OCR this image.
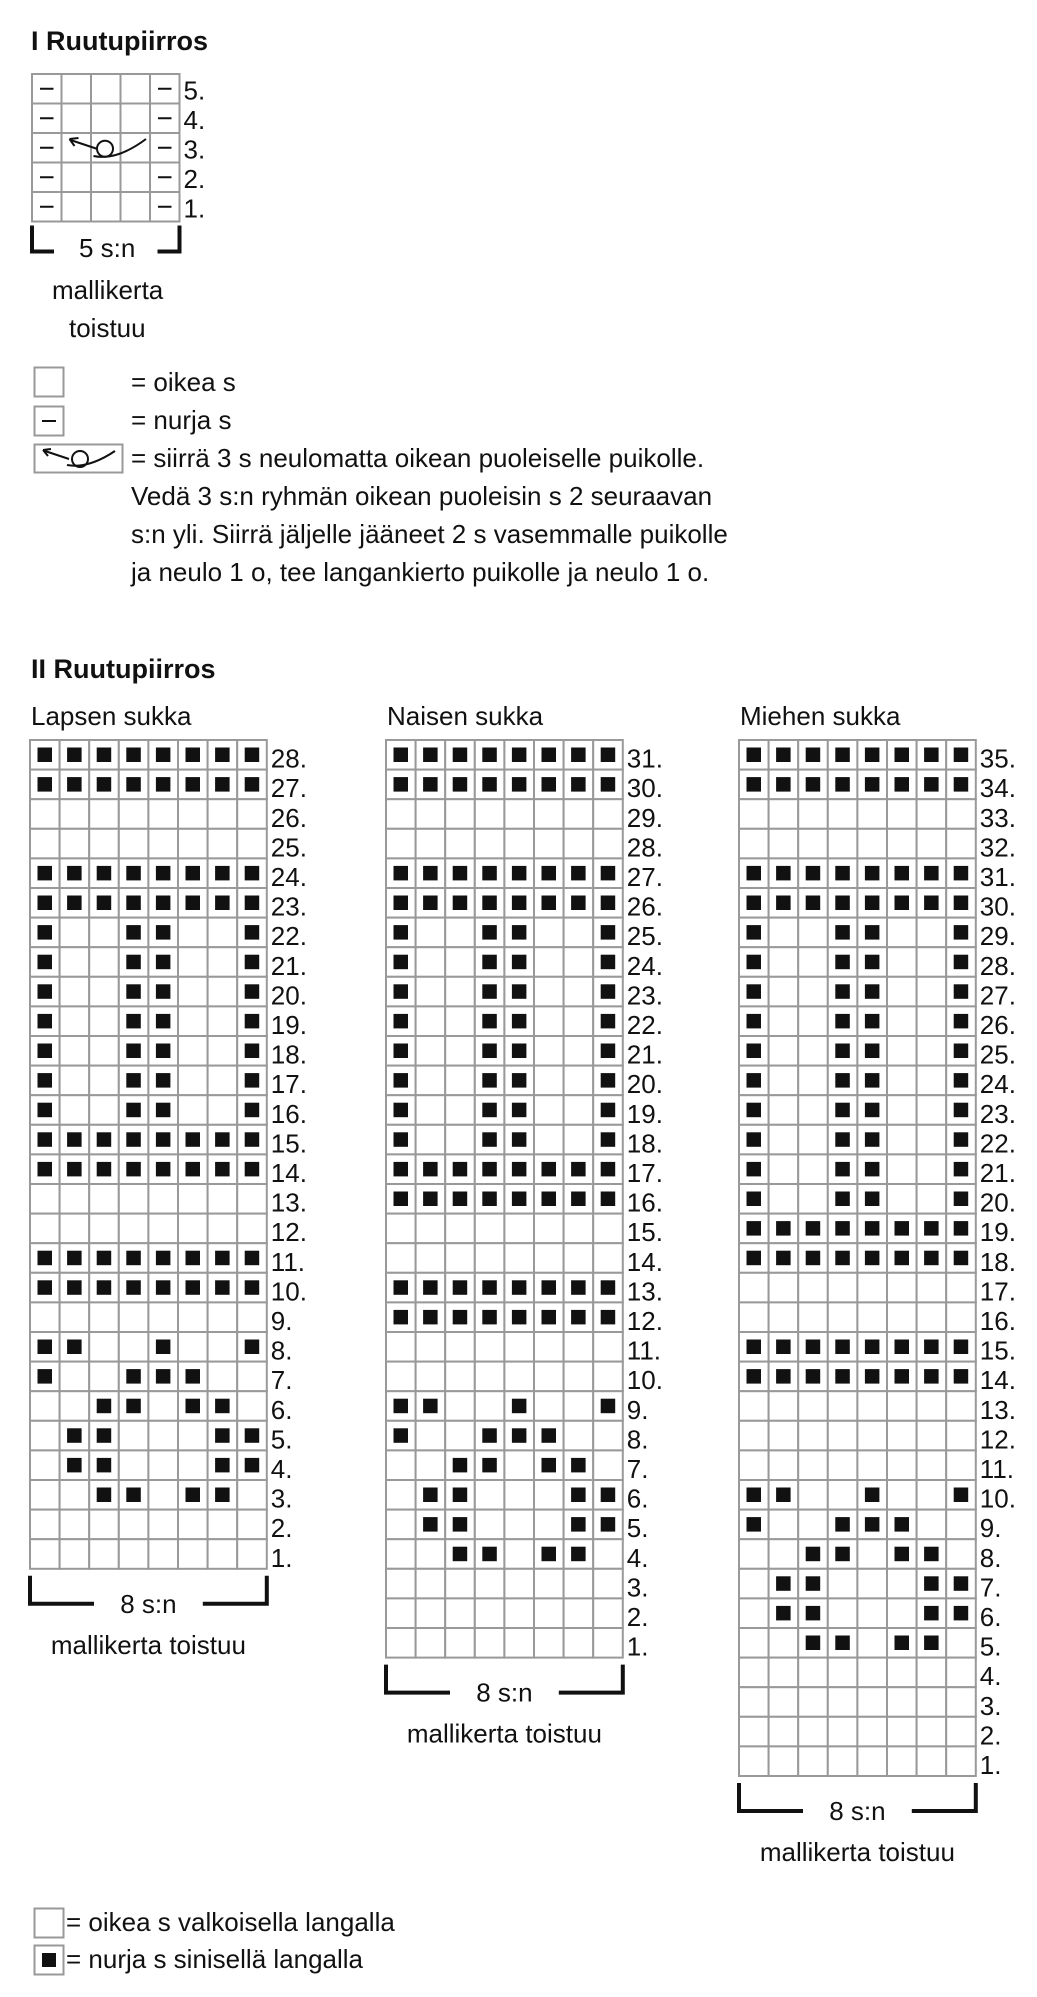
I Ruutupiirros
5.
4.
3.
2.
1.
5 s:n
mallikerta
toistuu
= oikea s
= nurja s
= siirrä 3 s neulomatta oikean puoleiselle puikolle.
Vedä 3 s:n ryhmän oikean puoleisin s 2 seuraavan
s:n yli. Siirrä jäljelle jääneet 2 s vasemmalle puikolle
ja neulo 1 o, tee langankierto puikolle ja neulo 1 o.
II Ruutupiirros
Lapsen sukka	Naisen sukka	Miehen sukka
28.
27.
26.
25.
24.
23.
22.
21.
20.
19.
18.
17.
16.
15.
14.
13.
12.
11.
10.
9.
8.
7.
6.
5.
4.
3.
2.
1.
8 s:n
mallikerta toistuu
31.
30.
29.
28.
27.
26.
25.
24.
23.
22.
21.
20.
19.
18.
17.
16.
15.
14.
13.
12.
11.
10.
9.
8.
7.
6.
5.
4.
3.
2.
1.
8 s:n
mallikerta toistuu
35.
34.
33.
32.
31.
30.
29.
28.
27.
26.
25.
24.
23.
22.
21.
20.
19.
18.
17.
16.
15.
14.
13.
12.
11.
10.
9.
8.
7.
6.
5.
4.
3.
2.
1.
8 s:n
mallikerta toistuu
= oikea s valkoisella langalla
= nurja s sinisellä langalla
